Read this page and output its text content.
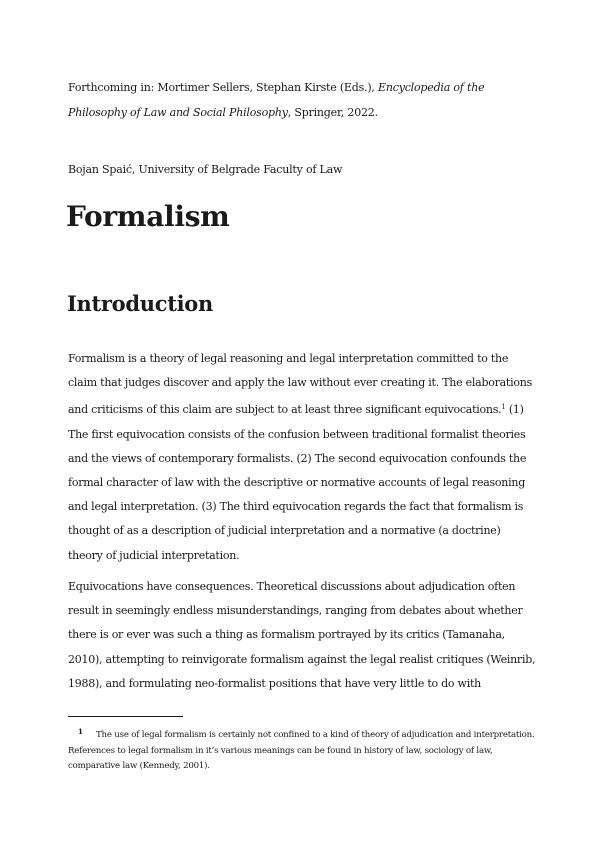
Forthcoming in: Mortimer Sellers, Stephan Kirste (Eds.), Encyclopedia of the Philosophy of Law and Social Philosophy, Springer, 2022.
Bojan Spaić, University of Belgrade Faculty of Law
Formalism
Introduction

Formalism is a theory of legal reasoning and legal interpretation committed to the claim that judges discover and apply the law without ever creating it. The elaborations and criticisms of this claim are subject to at least three significant equivocations.$^1$ (1) The first equivocation consists of the confusion between traditional formalist theories and the views of contemporary formalists. (2) The second equivocation confounds the formal character of law with the descriptive or normative accounts of legal reasoning and legal interpretation. (3) The third equivocation regards the fact that formalism is thought of as a description of judicial interpretation and a normative (a doctrine) theory of judicial interpretation.

Equivocations have consequences. Theoretical discussions about adjudication often result in seemingly endless misunderstandings, ranging from debates about whether there is or ever was such a thing as formalism portrayed by its critics (Tamanaha, 2010), attempting to reinvigorate formalism against the legal realist critiques (Weinrib, 1988), and formulating neo-formalist positions that have very little to do with

1 The use of legal formalism is certainly not confined to a kind of theory of adjudication and interpretation. References to legal formalism in it’s various meanings can be found in history of law, sociology of law, comparative law (Kennedy, 2001).
